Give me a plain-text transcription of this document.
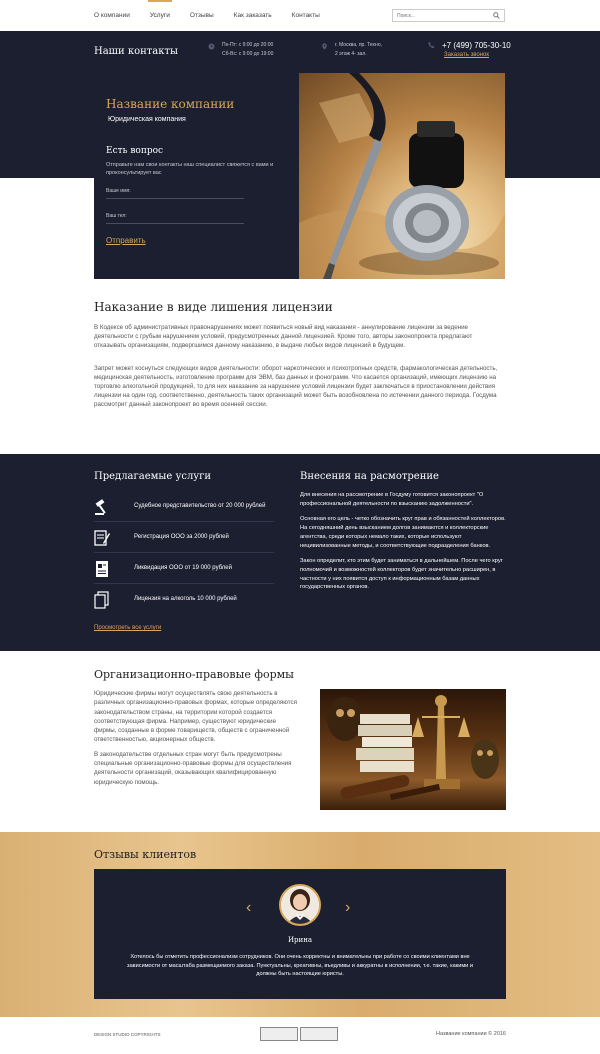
О компании	Услуги	Отзывы	Как заказать	Контакты
Поиск...
Наши контакты
Пн-Пт: с 9:00 до 20:00
Сб-Вс: с 9:00 до 19:00
г. Москва, пр. Техно,
2 этаж 4- зал.
+7 (499) 705-30-10
Заказать звонок
Название компании
Юридическая компания
Есть вопрос
Отправьте нам свои контакты наш специалист свяжется с вами и проконсультирует вас
Ваше имя:
Ваш тел:
Отправить
Наказание в виде лишения лицензии

В Кодексе об административных правонарушениях может появиться новый вид наказания - аннулирование лицензии за ведение деятельности с грубым нарушением условий, предусмотренных данной лицензией. Кроме того, авторы законопроекта предлагают отказывать организациям, подвергшимся данному наказанию, в выдаче любых видов лицензий в будущем.

Запрет может коснуться следующих видов деятельности: оборот наркотических и психотропных средств, фармакологическая детельность, медицинская деятельность, изготовление программ для ЭВМ, баз данных и фонограмм. Что касается организаций, имеющих лицензию на торговлю алкогольной продукцией, то для них наказание за нарушение условий лицензии будет заключаться в приостановлении действия лицензии на один год, соответственно, деятельность таких организаций может быть возобновлена по истечении данного периода. Госдума рассмотрит данный законопроект во время осенней сессии.

Предлагаемые услуги
Судебное представительство от 20 000 рублей
Регистрация ООО за 2000 рублей
Ликвидация ООО от 19 000 рублей
Лицензия на алкоголь 10 000 рублей
Просмотреть все услуги
Внесения на расмотрение

Для внесения на рассмотрение в Госдуму готовится законопроект "О профессиональной деятельности по взысканию задолженности".

Основная его цель - четко обозначить круг прав и обязанностей коллекторов. На сегодняшний день взысканием долгов занимаются и коллекторские агентства, среди которых немало таких, которые используют нецивилизованные методы, и соответствующие подразделения банков.

Закон определит, кто этим будет заниматься в дальнейшем. После чего круг полномочий и возможностей коллекторов будет значительно расширен, в частности у них появится доступ к информационным базам данных государственных органов.

Организационно-правовые формы

Юридические фирмы могут осуществлять свою деятельность в различных организационно-правовых формах, которые определяются законодательством страны, на территории которой создается соответствующая фирма. Например, существуют юридические фирмы, созданные в форме товариществ, обществ с ограниченной ответственностью, акционерных обществ.

В законодательстве отдельных стран могут быть предусмотрены специальные организационно-правовые формы для осуществления деятельности организаций, оказывающих квалифицированную юридическую помощь.

Отзывы клиентов
‹	›
Ирина
Хотелось бы отметить профессионализм сотрудников. Они очень корректны и внимательны при работе со своими клиентами вне зависимости от масштаба размещаемого заказа. Пунктуальны, креативны, въедливы и аккуратны в исполнении, т.е. такие, какими и должны быть настоящие юристы.
DESIGN STUDIO COPYRIGHTS	Название компании © 2016
